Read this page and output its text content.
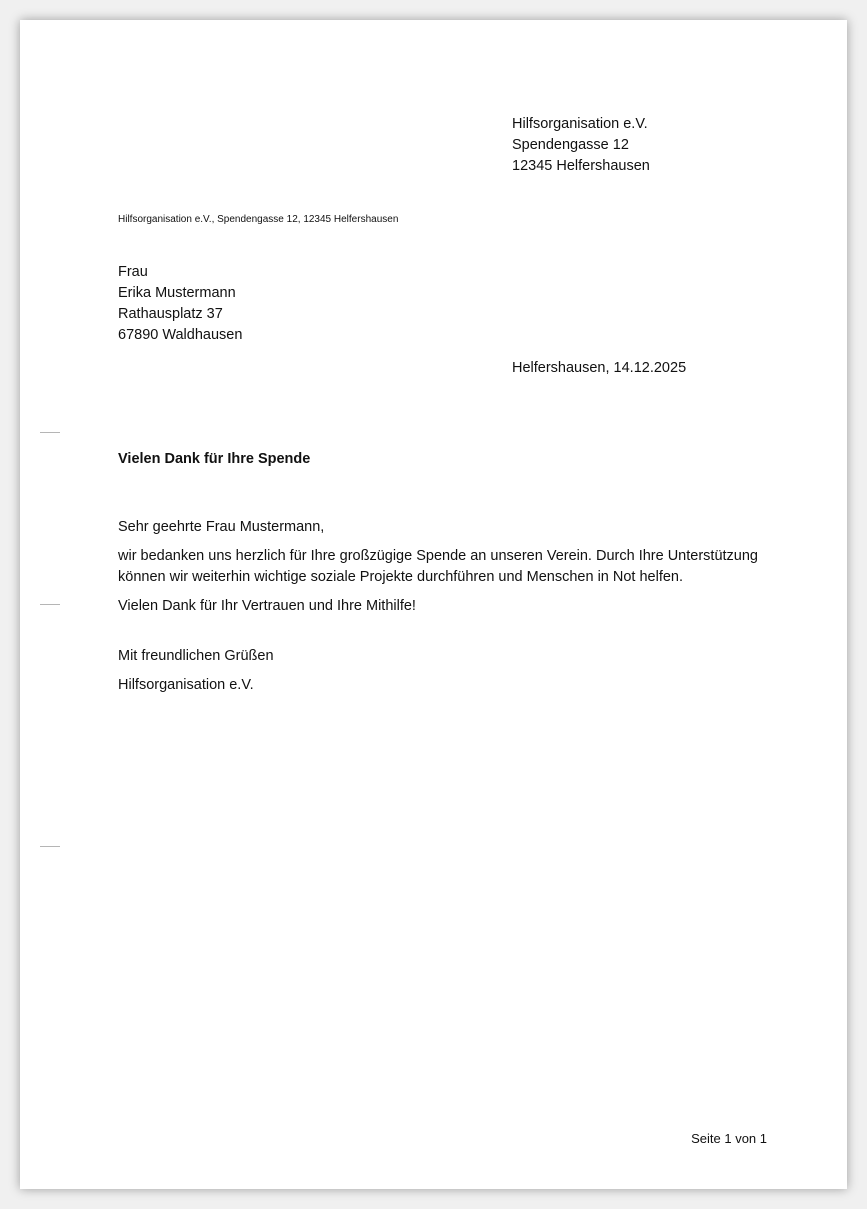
Hilfsorganisation e.V.
Spendengasse 12
12345 Helfershausen
Hilfsorganisation e.V., Spendengasse 12, 12345 Helfershausen
Frau
Erika Mustermann
Rathausplatz 37
67890 Waldhausen
Helfershausen, 14.12.2025
Vielen Dank für Ihre Spende

Sehr geehrte Frau Mustermann,

wir bedanken uns herzlich für Ihre großzügige Spende an unseren Verein. Durch Ihre Unterstützung können wir weiterhin wichtige soziale Projekte durchführen und Menschen in Not helfen.

Vielen Dank für Ihr Vertrauen und Ihre Mithilfe!

Mit freundlichen Grüßen

Hilfsorganisation e.V.

Seite 1 von 1
